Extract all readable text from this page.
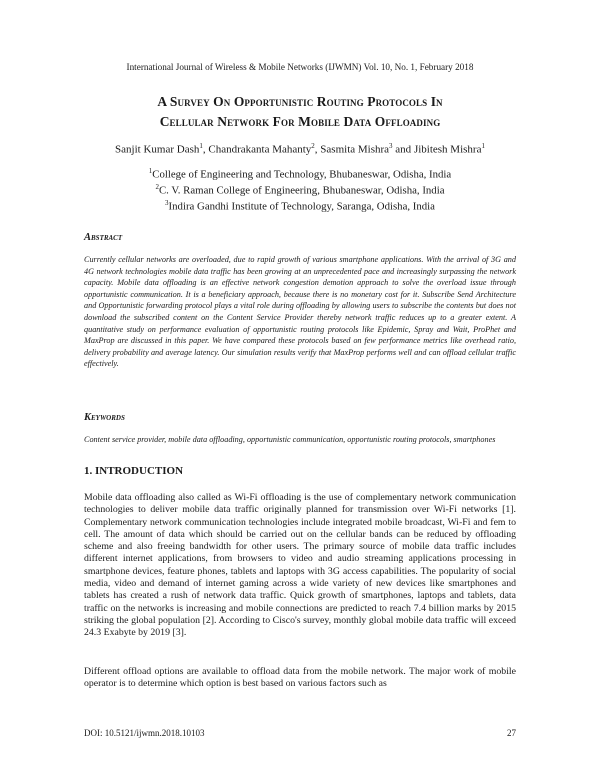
International Journal of Wireless & Mobile Networks (IJWMN) Vol. 10, No. 1, February 2018
A Survey On Opportunistic Routing Protocols In
Cellular Network For Mobile Data Offloading
Sanjit Kumar Dash$^1$, Chandrakanta Mahanty$^2$, Sasmita Mishra$^3$ and Jibitesh Mishra$^1$
$^1$College of Engineering and Technology, Bhubaneswar, Odisha, India
$^2$C. V. Raman College of Engineering, Bhubaneswar, Odisha, India
$^3$Indira Gandhi Institute of Technology, Saranga, Odisha, India
Abstract
Currently cellular networks are overloaded, due to rapid growth of various smartphone applications. With the arrival of 3G and 4G network technologies mobile data traffic has been growing at an unprecedented pace and increasingly surpassing the network capacity. Mobile data offloading is an effective network congestion demotion approach to solve the overload issue through opportunistic communication. It is a beneficiary approach, because there is no monetary cost for it. Subscribe Send Architecture and Opportunistic forwarding protocol plays a vital role during offloading by allowing users to subscribe the contents but does not download the subscribed content on the Content Service Provider thereby network traffic reduces up to a greater extent. A quantitative study on performance evaluation of opportunistic routing protocols like Epidemic, Spray and Wait, ProPhet and MaxProp are discussed in this paper. We have compared these protocols based on few performance metrics like overhead ratio, delivery probability and average latency. Our simulation results verify that MaxProp performs well and can offload cellular traffic effectively.
Keywords
Content service provider, mobile data offloading, opportunistic communication, opportunistic routing protocols, smartphones
1. INTRODUCTION
Mobile data offloading also called as Wi-Fi offloading is the use of complementary network communication technologies to deliver mobile data traffic originally planned for transmission over Wi-Fi networks [1]. Complementary network communication technologies include integrated mobile broadcast, Wi-Fi and fem to cell. The amount of data which should be carried out on the cellular bands can be reduced by offloading scheme and also freeing bandwidth for other users. The primary source of mobile data traffic includes different internet applications, from browsers to video and audio streaming applications processing in smartphone devices, feature phones, tablets and laptops with 3G access capabilities. The popularity of social media, video and demand of internet gaming across a wide variety of new devices like smartphones and tablets has created a rush of network data traffic. Quick growth of smartphones, laptops and tablets, data traffic on the networks is increasing and mobile connections are predicted to reach 7.4 billion marks by 2015 striking the global population [2]. According to Cisco's survey, monthly global mobile data traffic will exceed 24.3 Exabyte by 2019 [3].
Different offload options are available to offload data from the mobile network. The major work of mobile operator is to determine which option is best based on various factors such as
DOI: 10.5121/ijwmn.2018.10103	27
